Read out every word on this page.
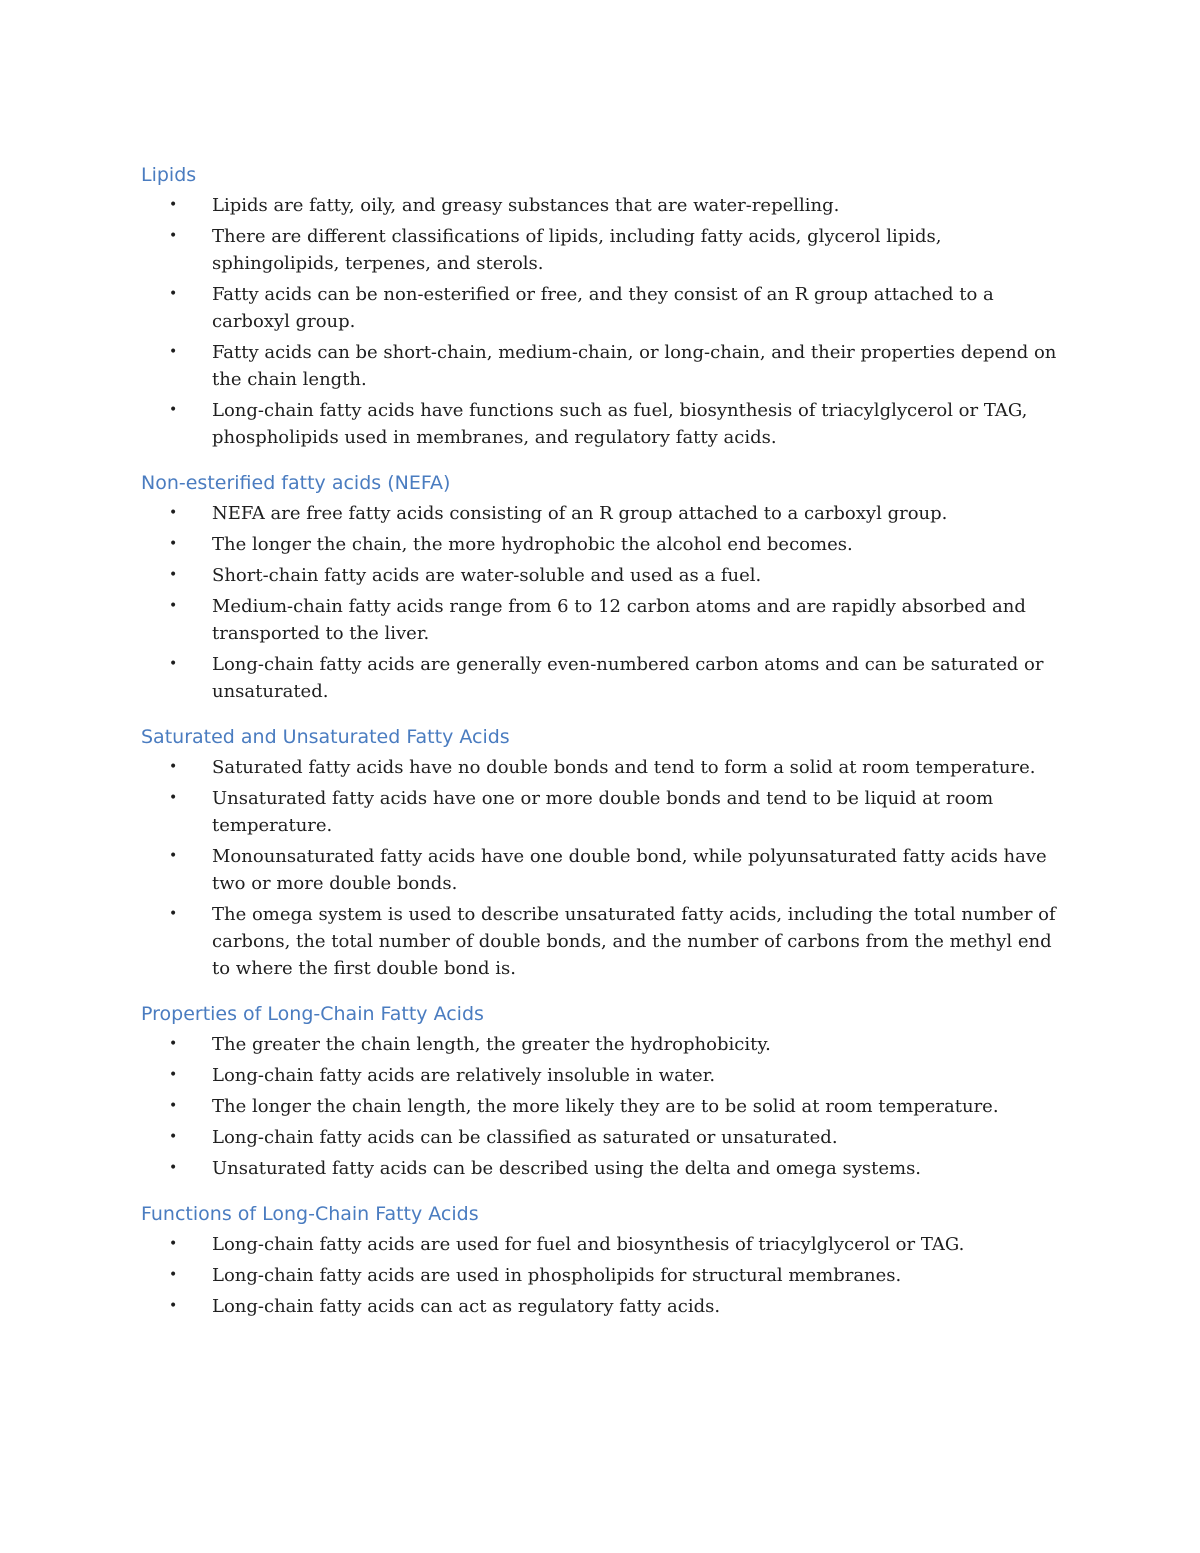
Lipids
• Lipids are fatty, oily, and greasy substances that are water-repelling.
• There are different classifications of lipids, including fatty acids, glycerol lipids, sphingolipids, terpenes, and sterols.
• Fatty acids can be non-esterified or free, and they consist of an R group attached to a carboxyl group.
• Fatty acids can be short-chain, medium-chain, or long-chain, and their properties depend on the chain length.
• Long-chain fatty acids have functions such as fuel, biosynthesis of triacylglycerol or TAG, phospholipids used in membranes, and regulatory fatty acids.
Non-esterified fatty acids (NEFA)
• NEFA are free fatty acids consisting of an R group attached to a carboxyl group.
• The longer the chain, the more hydrophobic the alcohol end becomes.
• Short-chain fatty acids are water-soluble and used as a fuel.
• Medium-chain fatty acids range from 6 to 12 carbon atoms and are rapidly absorbed and transported to the liver.
• Long-chain fatty acids are generally even-numbered carbon atoms and can be saturated or unsaturated.
Saturated and Unsaturated Fatty Acids
• Saturated fatty acids have no double bonds and tend to form a solid at room temperature.
• Unsaturated fatty acids have one or more double bonds and tend to be liquid at room temperature.
• Monounsaturated fatty acids have one double bond, while polyunsaturated fatty acids have two or more double bonds.
• The omega system is used to describe unsaturated fatty acids, including the total number of carbons, the total number of double bonds, and the number of carbons from the methyl end to where the first double bond is.
Properties of Long-Chain Fatty Acids
• The greater the chain length, the greater the hydrophobicity.
• Long-chain fatty acids are relatively insoluble in water.
• The longer the chain length, the more likely they are to be solid at room temperature.
• Long-chain fatty acids can be classified as saturated or unsaturated.
• Unsaturated fatty acids can be described using the delta and omega systems.
Functions of Long-Chain Fatty Acids
• Long-chain fatty acids are used for fuel and biosynthesis of triacylglycerol or TAG.
• Long-chain fatty acids are used in phospholipids for structural membranes.
• Long-chain fatty acids can act as regulatory fatty acids.
